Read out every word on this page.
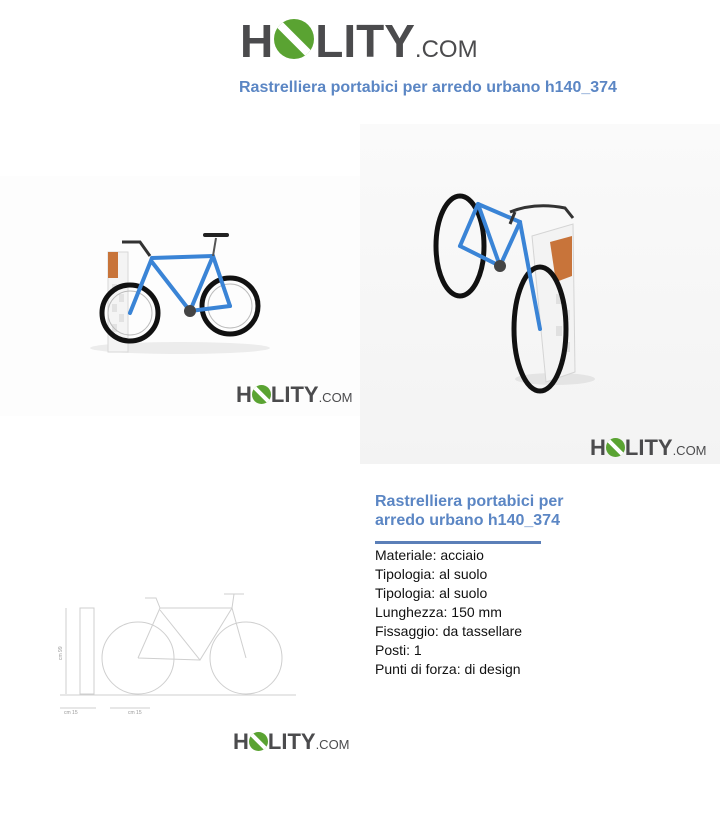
H LITY.COM
Rastrelliera portabici per arredo urbano h140_374
H LITY.COM
H LITY.COM
cm 99
cm 15	cm 15
H LITY.COM
Rastrelliera portabici per arredo urbano h140_374
Materiale: acciaio
Tipologia: al suolo
Tipologia: al suolo
Lunghezza: 150 mm
Fissaggio: da tassellare
Posti: 1
Punti di forza: di design
